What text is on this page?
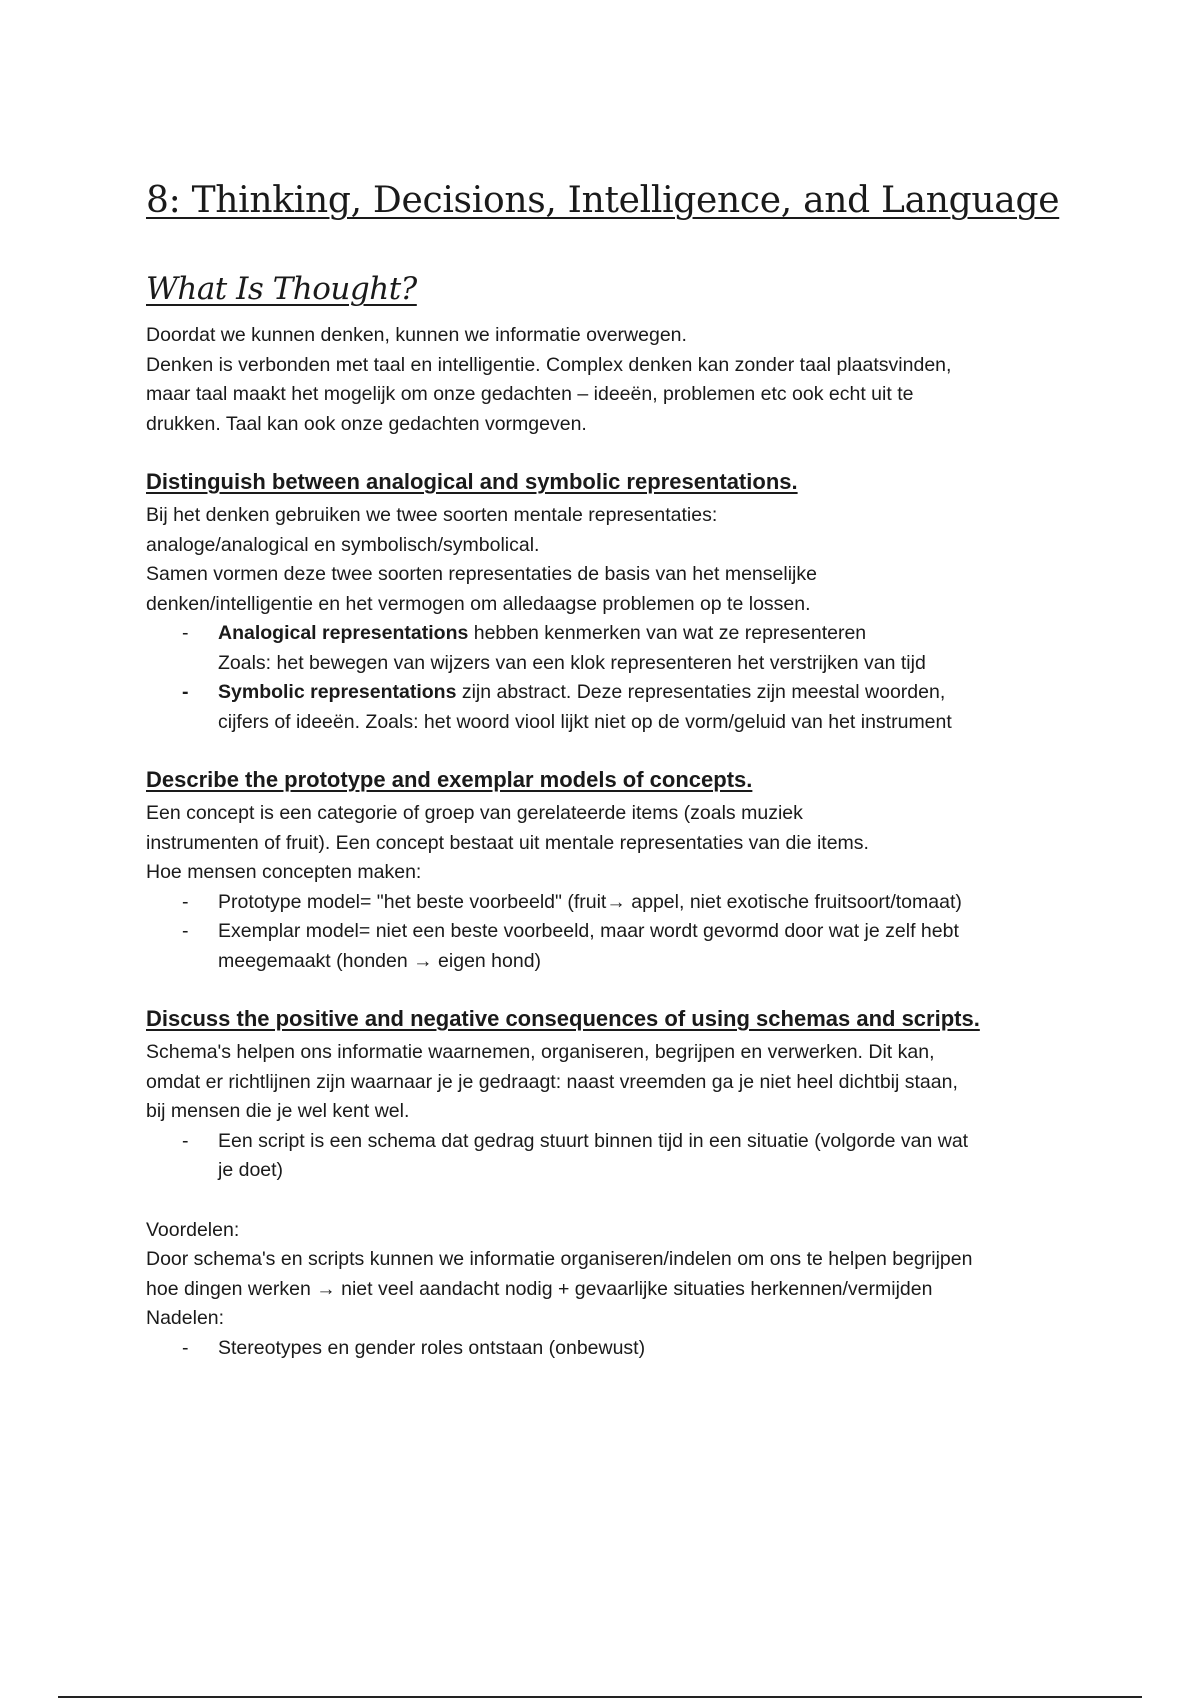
8: Thinking, Decisions, Intelligence, and Language
What Is Thought?

Doordat we kunnen denken, kunnen we informatie overwegen.

Denken is verbonden met taal en intelligentie. Complex denken kan zonder taal plaatsvinden,

maar taal maakt het mogelijk om onze gedachten – ideeën, problemen etc ook echt uit te

drukken. Taal kan ook onze gedachten vormgeven.

Distinguish between analogical and symbolic representations.

Bij het denken gebruiken we twee soorten mentale representaties:

analoge/analogical en symbolisch/symbolical.

Samen vormen deze twee soorten representaties de basis van het menselijke

denken/intelligentie en het vermogen om alledaagse problemen op te lossen.

- Analogical representations hebben kenmerken van wat ze representeren
Zoals: het bewegen van wijzers van een klok representeren het verstrijken van tijd
- Symbolic representations zijn abstract. Deze representaties zijn meestal woorden,
cijfers of ideeën. Zoals: het woord viool lijkt niet op de vorm/geluid van het instrument
Describe the prototype and exemplar models of concepts.

Een concept is een categorie of groep van gerelateerde items (zoals muziek

instrumenten of fruit). Een concept bestaat uit mentale representaties van die items.

Hoe mensen concepten maken:

- Prototype model= "het beste voorbeeld" (fruit→ appel, niet exotische fruitsoort/tomaat)
- Exemplar model= niet een beste voorbeeld, maar wordt gevormd door wat je zelf hebt
meegemaakt (honden → eigen hond)
Discuss the positive and negative consequences of using schemas and scripts.

Schema's helpen ons informatie waarnemen, organiseren, begrijpen en verwerken. Dit kan,

omdat er richtlijnen zijn waarnaar je je gedraagt: naast vreemden ga je niet heel dichtbij staan,

bij mensen die je wel kent wel.

- Een script is een schema dat gedrag stuurt binnen tijd in een situatie (volgorde van wat
je doet)

Voordelen:

Door schema's en scripts kunnen we informatie organiseren/indelen om ons te helpen begrijpen

hoe dingen werken → niet veel aandacht nodig + gevaarlijke situaties herkennen/vermijden

Nadelen:

- Stereotypes en gender roles ontstaan (onbewust)
